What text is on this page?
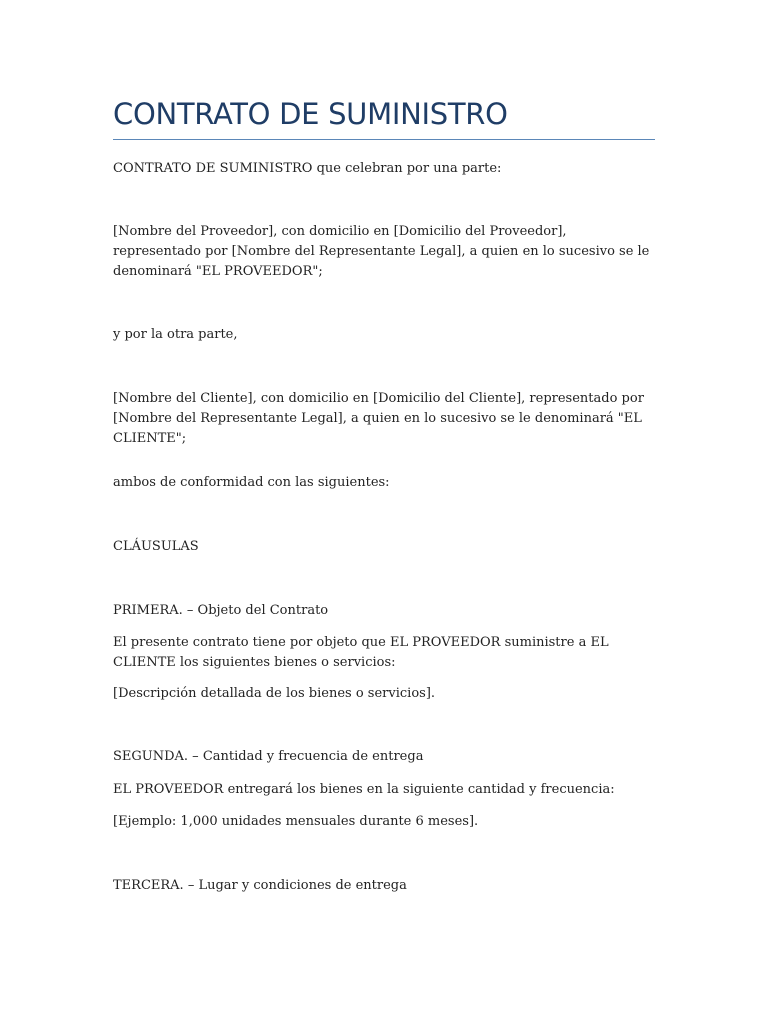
CONTRATO DE SUMINISTRO

CONTRATO DE SUMINISTRO que celebran por una parte:

[Nombre del Proveedor], con domicilio en [Domicilio del Proveedor], representado por [Nombre del Representante Legal], a quien en lo sucesivo se le denominará "EL PROVEEDOR";

y por la otra parte,

[Nombre del Cliente], con domicilio en [Domicilio del Cliente], representado por [Nombre del Representante Legal], a quien en lo sucesivo se le denominará "EL CLIENTE";

ambos de conformidad con las siguientes:

CLÁUSULAS

PRIMERA. – Objeto del Contrato

El presente contrato tiene por objeto que EL PROVEEDOR suministre a EL CLIENTE los siguientes bienes o servicios:

[Descripción detallada de los bienes o servicios].

SEGUNDA. – Cantidad y frecuencia de entrega

EL PROVEEDOR entregará los bienes en la siguiente cantidad y frecuencia:

[Ejemplo: 1,000 unidades mensuales durante 6 meses].

TERCERA. – Lugar y condiciones de entrega
